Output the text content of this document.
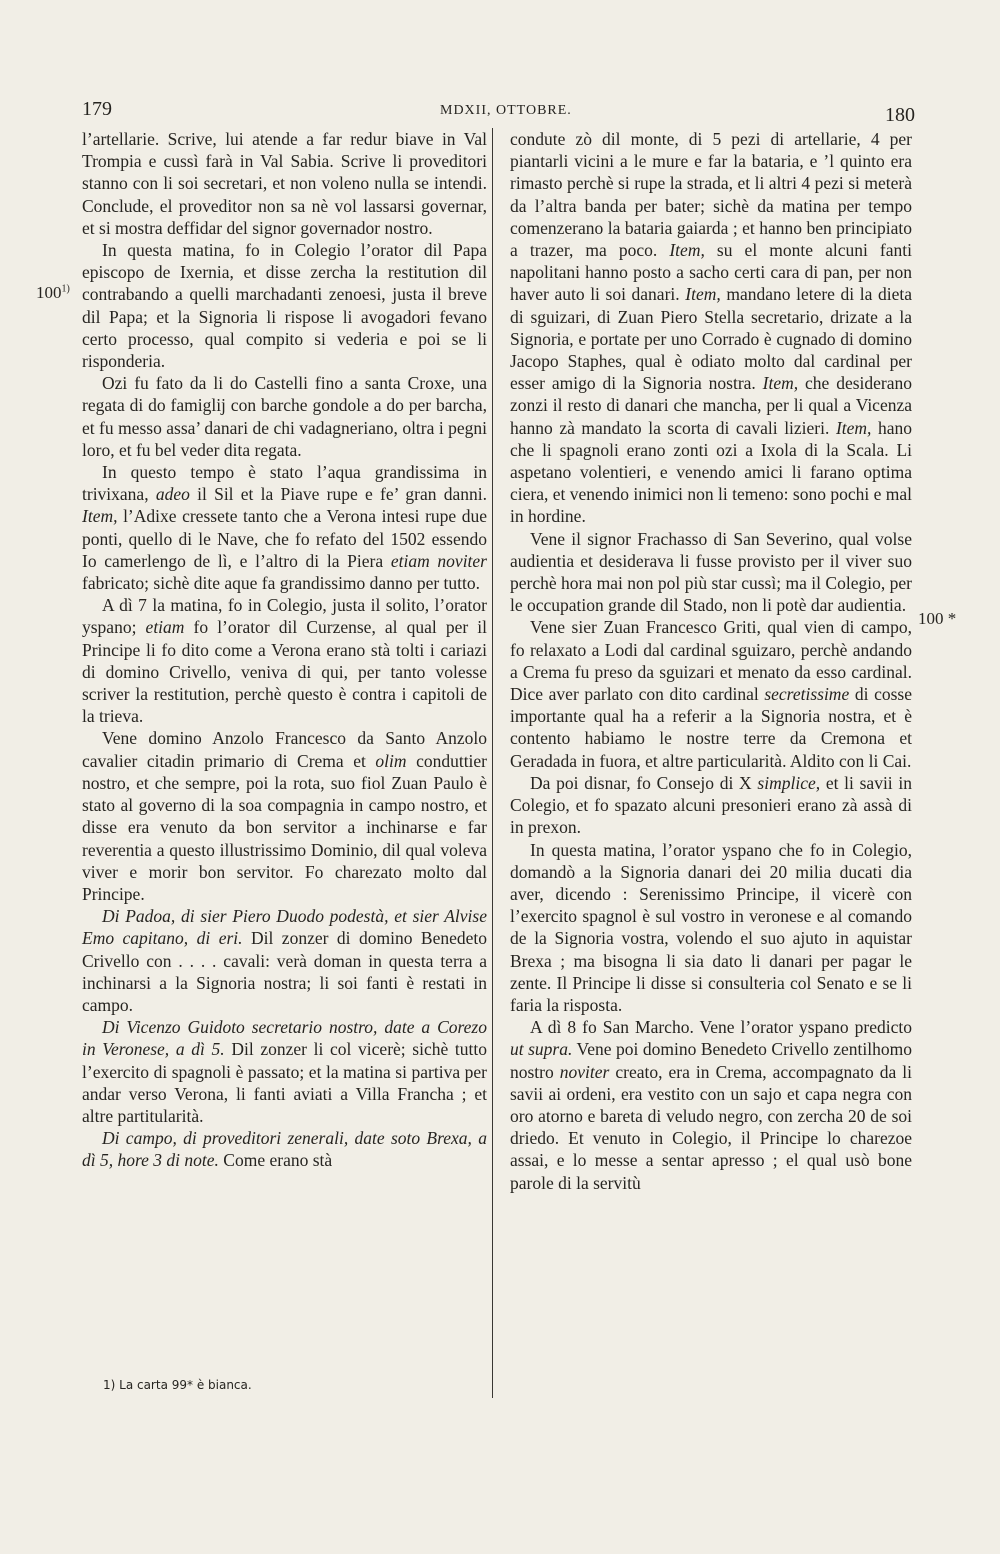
179	MDXII, OTTOBRE.	180
100$^{1)}$
100 *

l’artellarie. Scrive, lui atende a far redur biave in Val Trompia e cussì farà in Val Sabia. Scrive li proveditori stanno con li soi secretari, et non voleno nulla se intendi. Conclude, el proveditor non sa nè vol lassarsi governar, et si mostra deffidar del signor governador nostro.

In questa matina, fo in Colegio l’orator dil Papa episcopo de Ixernia, et disse zercha la restitution dil contrabando a quelli marchadanti zenoesi, justa il breve dil Papa; et la Signoria li rispose li avogadori fevano certo processo, qual compito si vederia e poi se li risponderia.

Ozi fu fato da li do Castelli fino a santa Croxe, una regata di do famiglij con barche gondole a do per barcha, et fu messo assa’ danari de chi vadagneriano, oltra i pegni loro, et fu bel veder dita regata.

In questo tempo è stato l’aqua grandissima in trivixana, adeo il Sil et la Piave rupe e fe’ gran danni. Item, l’Adixe cressete tanto che a Verona intesi rupe due ponti, quello di le Nave, che fo refato del 1502 essendo Io camerlengo de lì, e l’altro di la Piera etiam noviter fabricato; sichè dite aque fa grandissimo danno per tutto.

A dì 7 la matina, fo in Colegio, justa il solito, l’orator yspano; etiam fo l’orator dil Curzense, al qual per il Principe li fo dito come a Verona erano stà tolti i cariazi di domino Crivello, veniva di qui, per tanto volesse scriver la restitution, perchè questo è contra i capitoli de la trieva.

Vene domino Anzolo Francesco da Santo Anzolo cavalier citadin primario di Crema et olim conduttier nostro, et che sempre, poi la rota, suo fiol Zuan Paulo è stato al governo di la soa compagnia in campo nostro, et disse era venuto da bon servitor a inchinarse e far reverentia a questo illustrissimo Dominio, dil qual voleva viver e morir bon servitor. Fo charezato molto dal Principe.

Di Padoa, di sier Piero Duodo podestà, et sier Alvise Emo capitano, di eri. Dil zonzer di domino Benedeto Crivello con . . . . cavali: verà doman in questa terra a inchinarsi a la Signoria nostra; li soi fanti è restati in campo.

Di Vicenzo Guidoto secretario nostro, date a Corezo in Veronese, a dì 5. Dil zonzer li col vicerè; sichè tutto l’exercito di spagnoli è passato; et la matina si partiva per andar verso Verona, li fanti aviati a Villa Francha ; et altre partitularità.

Di campo, di proveditori zenerali, date soto Brexa, a dì 5, hore 3 di note. Come erano stà

condute zò dil monte, di 5 pezi di artellarie, 4 per piantarli vicini a le mure e far la bataria, e ’l quinto era rimasto perchè si rupe la strada, et li altri 4 pezi si meterà da l’altra banda per bater; sichè da matina per tempo comenzerano la bataria gaiarda ; et hanno ben principiato a trazer, ma poco. Item, su el monte alcuni fanti napolitani hanno posto a sacho certi cara di pan, per non haver auto li soi danari. Item, mandano letere di la dieta di sguizari, di Zuan Piero Stella secretario, drizate a la Signoria, e portate per uno Corrado è cugnado di domino Jacopo Staphes, qual è odiato molto dal cardinal per esser amigo di la Signoria nostra. Item, che desiderano zonzi il resto di danari che mancha, per li qual a Vicenza hanno zà mandato la scorta di cavali lizieri. Item, hano che li spagnoli erano zonti ozi a Ixola di la Scala. Li aspetano volentieri, e venendo amici li farano optima ciera, et venendo inimici non li temeno: sono pochi e mal in hordine.

Vene il signor Frachasso di San Severino, qual volse audientia et desiderava li fusse provisto per il viver suo perchè hora mai non pol più star cussì; ma il Colegio, per le occupation grande dil Stado, non li potè dar audientia.

Vene sier Zuan Francesco Griti, qual vien di campo, fo relaxato a Lodi dal cardinal sguizaro, perchè andando a Crema fu preso da sguizari et menato da esso cardinal. Dice aver parlato con dito cardinal secretissime di cosse importante qual ha a referir a la Signoria nostra, et è contento habiamo le nostre terre da Cremona et Geradada in fuora, et altre particularità. Aldito con li Cai.

Da poi disnar, fo Consejo di X simplice, et li savii in Colegio, et fo spazato alcuni presonieri erano zà assà di in prexon.

In questa matina, l’orator yspano che fo in Colegio, domandò a la Signoria danari dei 20 milia ducati dia aver, dicendo : Serenissimo Principe, il vicerè con l’exercito spagnol è sul vostro in veronese e al comando de la Signoria vostra, volendo el suo ajuto in aquistar Brexa ; ma bisogna li sia dato li danari per pagar le zente. Il Principe li disse si consulteria col Senato e se li faria la risposta.

A dì 8 fo San Marcho. Vene l’orator yspano predicto ut supra. Vene poi domino Benedeto Crivello zentilhomo nostro noviter creato, era in Crema, accompagnato da li savii ai ordeni, era vestito con un sajo et capa negra con oro atorno e bareta di veludo negro, con zercha 20 de soi driedo. Et venuto in Colegio, il Principe lo charezoe assai, e lo messe a sentar apresso ; el qual usò bone parole di la servitù

1) La carta 99* è bianca.
